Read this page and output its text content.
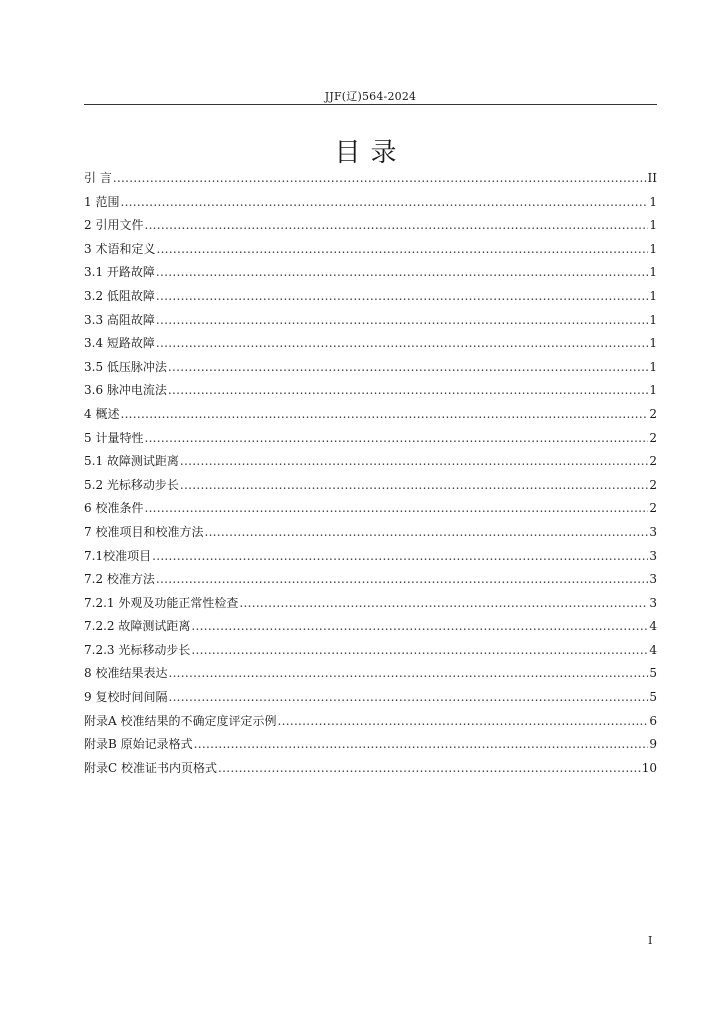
JJF(辽)564-2024
目录
引 言 .....	II
1 范围 .....	1
2 引用文件 .....	1
3 术语和定义 .....	1
3.1 开路故障 .....	1
3.2 低阻故障 .....	1
3.3 高阻故障 .....	1
3.4 短路故障 .....	1
3.5 低压脉冲法 .....	1
3.6 脉冲电流法 .....	1
4 概述 .....	2
5 计量特性 .....	2
5.1 故障测试距离 .....	2
5.2 光标移动步长 .....	2
6 校准条件 .....	2
7 校准项目和校准方法 .....	3
7.1校准项目 .....	3
7.2 校准方法 .....	3
7.2.1 外观及功能正常性检查 .....	3
7.2.2 故障测试距离 .....	4
7.2.3 光标移动步长 .....	4
8 校准结果表达 .....	5
9 复校时间间隔 .....	5
附录A 校准结果的不确定度评定示例 .....	6
附录B 原始记录格式 .....	9
附录C 校准证书内页格式 .....	10
I
